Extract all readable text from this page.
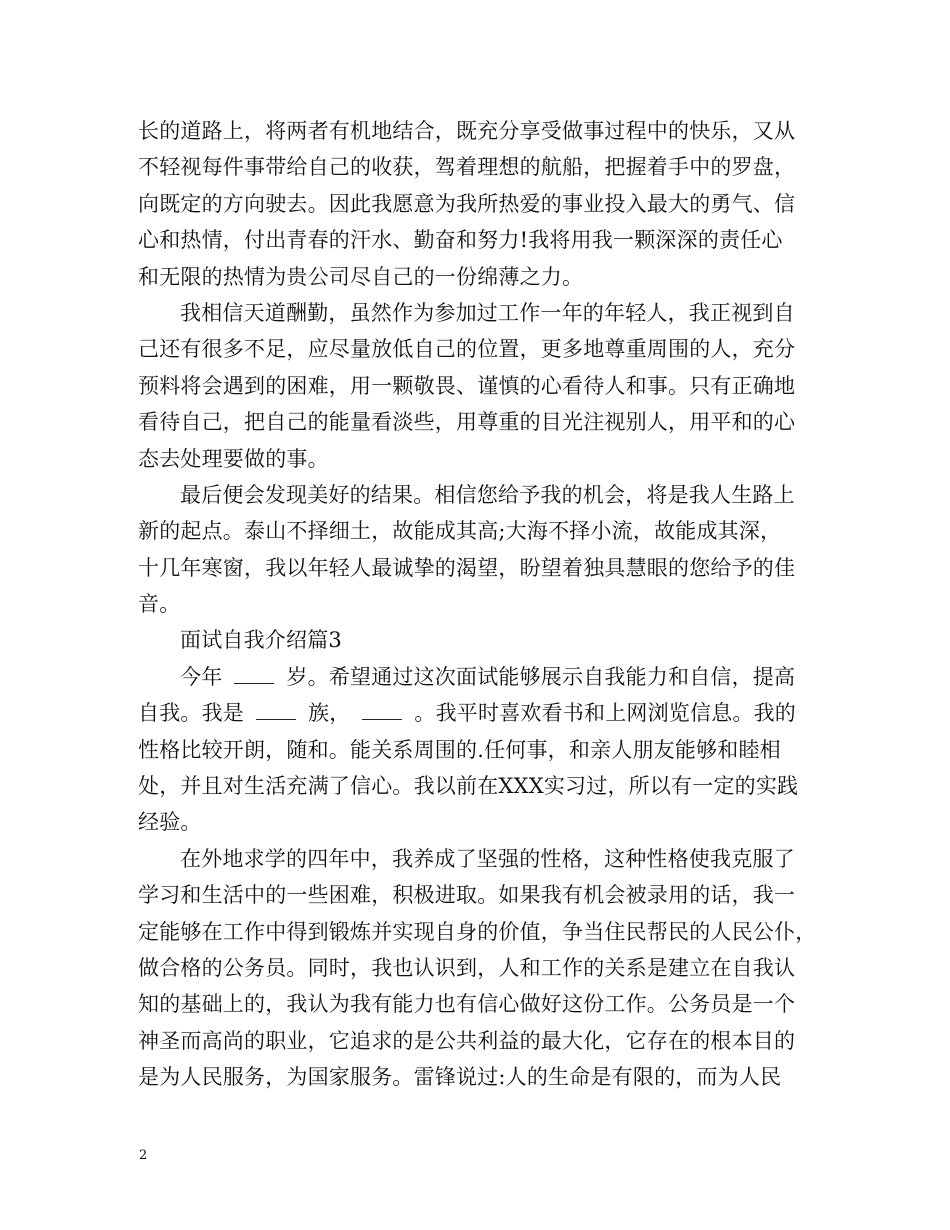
长的道路上，将两者有机地结合，既充分享受做事过程中的快乐，又从
不轻视每件事带给自己的收获，驾着理想的航船，把握着手中的罗盘，
向既定的方向驶去。因此我愿意为我所热爱的事业投入最大的勇气、信
心和热情，付出青春的汗水、勤奋和努力!我将用我一颗深深的责任心
和无限的热情为贵公司尽自己的一份绵薄之力。
我相信天道酬勤，虽然作为参加过工作一年的年轻人，我正视到自
己还有很多不足，应尽量放低自己的位置，更多地尊重周围的人，充分
预料将会遇到的困难，用一颗敬畏、谨慎的心看待人和事。只有正确地
看待自己，把自己的能量看淡些，用尊重的目光注视别人，用平和的心
态去处理要做的事。
最后便会发现美好的结果。相信您给予我的机会，将是我人生路上
新的起点。泰山不择细土，故能成其高;大海不择小流，故能成其深，
十几年寒窗，我以年轻人最诚挚的渴望，盼望着独具慧眼的您给予的佳
音。
面试自我介绍篇3
今年	岁。希望通过这次面试能够展示自我能力和自信，提高
自我。我是	族，	。我平时喜欢看书和上网浏览信息。我的
性格比较开朗，随和。能关系周围的.任何事，和亲人朋友能够和睦相
处，并且对生活充满了信心。我以前在XXX实习过，所以有一定的实践
经验。
在外地求学的四年中，我养成了坚强的性格，这种性格使我克服了
学习和生活中的一些困难，积极进取。如果我有机会被录用的话，我一
定能够在工作中得到锻炼并实现自身的价值，争当住民帮民的人民公仆，
做合格的公务员。同时，我也认识到，人和工作的关系是建立在自我认
知的基础上的，我认为我有能力也有信心做好这份工作。公务员是一个
神圣而高尚的职业，它追求的是公共利益的最大化，它存在的根本目的
是为人民服务，为国家服务。雷锋说过:人的生命是有限的，而为人民
2
